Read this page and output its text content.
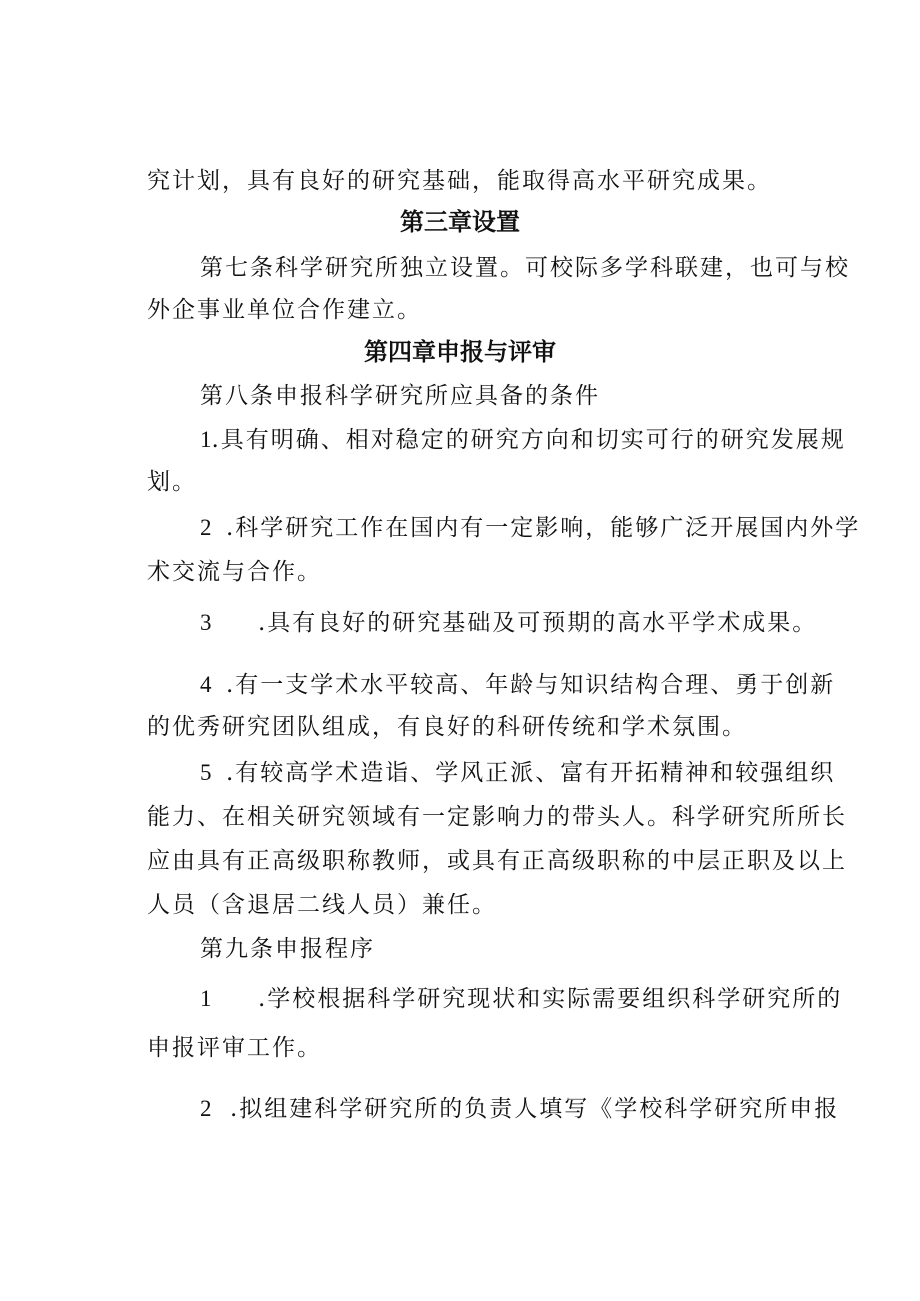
究计划，具有良好的研究基础，能取得高水平研究成果。
第三章设置
第七条科学研究所独立设置。可校际多学科联建，也可与校
外企事业单位合作建立。
第四章申报与评审
第八条申报科学研究所应具备的条件
1.具有明确、相对稳定的研究方向和切实可行的研究发展规
划。
2 .科学研究工作在国内有一定影响，能够广泛开展国内外学
术交流与合作。
3 .具有良好的研究基础及可预期的高水平学术成果。
4 .有一支学术水平较高、年龄与知识结构合理、勇于创新
的优秀研究团队组成，有良好的科研传统和学术氛围。
5 .有较高学术造诣、学风正派、富有开拓精神和较强组织
能力、在相关研究领域有一定影响力的带头人。科学研究所所长
应由具有正高级职称教师，或具有正高级职称的中层正职及以上
人员（含退居二线人员）兼任。
第九条申报程序
1 .学校根据科学研究现状和实际需要组织科学研究所的
申报评审工作。
2 .拟组建科学研究所的负责人填写《学校科学研究所申报
